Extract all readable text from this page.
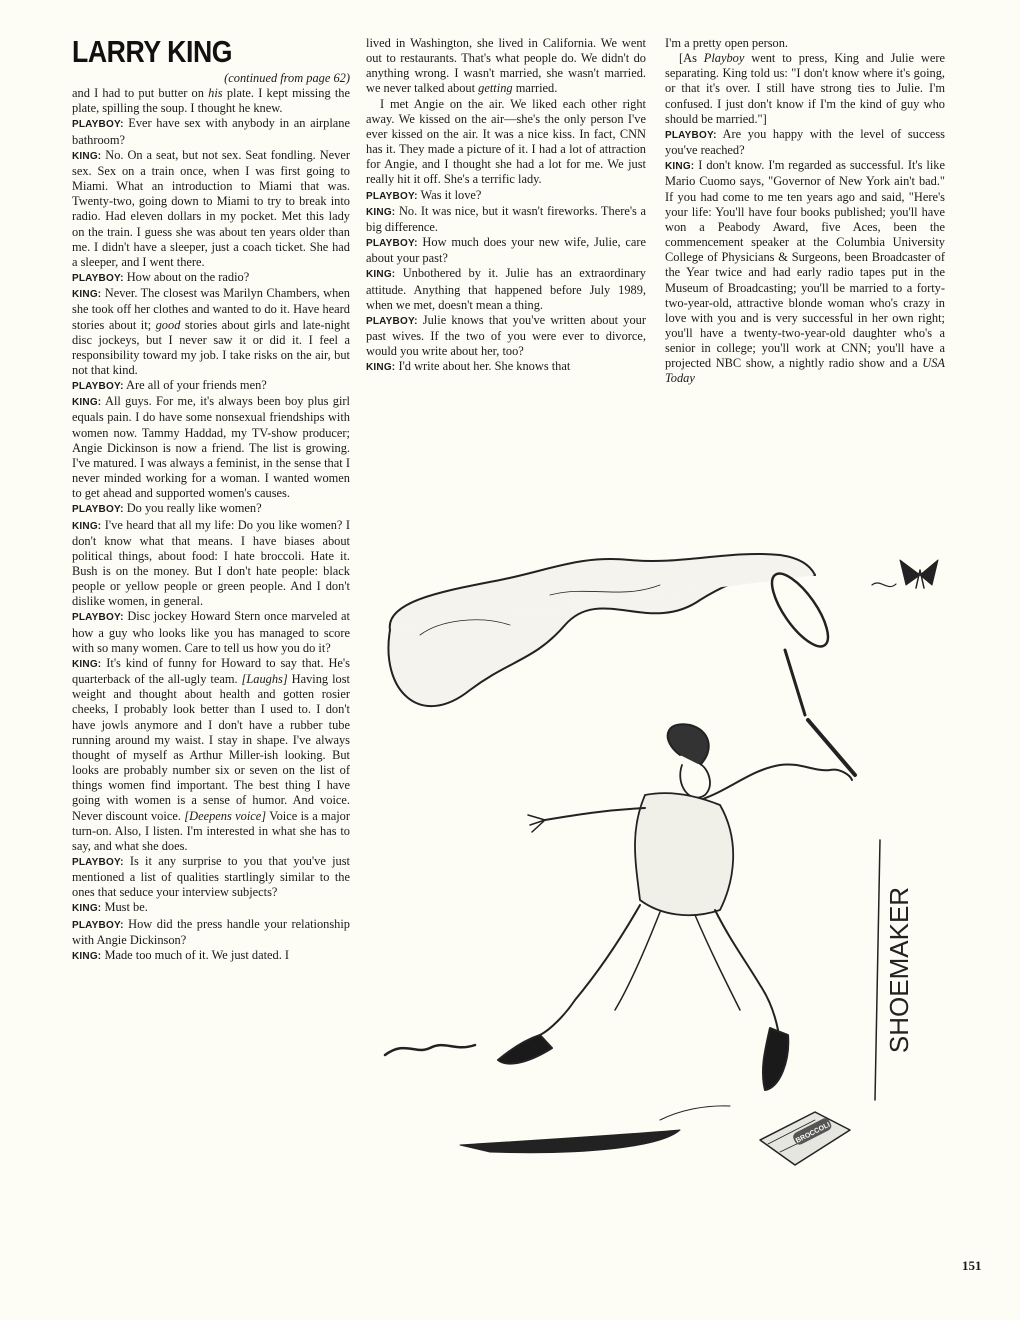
LARRY KING
(continued from page 62)

and I had to put butter on his plate. I kept missing the plate, spilling the soup. I thought he knew.

PLAYBOY: Ever have sex with anybody in an airplane bathroom?

KING: No. On a seat, but not sex. Seat fondling. Never sex. Sex on a train once, when I was first going to Miami. What an introduction to Miami that was. Twenty-two, going down to Miami to try to break into radio. Had eleven dollars in my pocket. Met this lady on the train. I guess she was about ten years older than me. I didn't have a sleeper, just a coach ticket. She had a sleeper, and I went there.

PLAYBOY: How about on the radio?

KING: Never. The closest was Marilyn Chambers, when she took off her clothes and wanted to do it. Have heard stories about it; good stories about girls and late-night disc jockeys, but I never saw it or did it. I feel a responsibility toward my job. I take risks on the air, but not that kind.

PLAYBOY: Are all of your friends men?

KING: All guys. For me, it's always been boy plus girl equals pain. I do have some nonsexual friendships with women now. Tammy Haddad, my TV-show producer; Angie Dickinson is now a friend. The list is growing. I've matured. I was always a feminist, in the sense that I never minded working for a woman. I wanted women to get ahead and supported women's causes.

PLAYBOY: Do you really like women?

KING: I've heard that all my life: Do you like women? I don't know what that means. I have biases about political things, about food: I hate broccoli. Hate it. Bush is on the money. But I don't hate people: black people or yellow people or green people. And I don't dislike women, in general.

PLAYBOY: Disc jockey Howard Stern once marveled at how a guy who looks like you has managed to score with so many women. Care to tell us how you do it?

KING: It's kind of funny for Howard to say that. He's quarterback of the all-ugly team. [Laughs] Having lost weight and thought about health and gotten rosier cheeks, I probably look better than I used to. I don't have jowls anymore and I don't have a rubber tube running around my waist. I stay in shape. I've always thought of myself as Arthur Miller-ish looking. But looks are probably number six or seven on the list of things women find important. The best thing I have going with women is a sense of humor. And voice. Never discount voice. [Deepens voice] Voice is a major turn-on. Also, I listen. I'm interested in what she has to say, and what she does.

PLAYBOY: Is it any surprise to you that you've just mentioned a list of qualities startlingly similar to the ones that seduce your interview subjects?

KING: Must be.

PLAYBOY: How did the press handle your relationship with Angie Dickinson?

KING: Made too much of it. We just dated. I

lived in Washington, she lived in California. We went out to restaurants. That's what people do. We didn't do anything wrong. I wasn't married, she wasn't married. we never talked about getting married.

I met Angie on the air. We liked each other right away. We kissed on the air—she's the only person I've ever kissed on the air. It was a nice kiss. In fact, CNN has it. They made a picture of it. I had a lot of attraction for Angie, and I thought she had a lot for me. We just really hit it off. She's a terrific lady.

PLAYBOY: Was it love?

KING: No. It was nice, but it wasn't fireworks. There's a big difference.

PLAYBOY: How much does your new wife, Julie, care about your past?

KING: Unbothered by it. Julie has an extraordinary attitude. Anything that happened before July 1989, when we met, doesn't mean a thing.

PLAYBOY: Julie knows that you've written about your past wives. If the two of you were ever to divorce, would you write about her, too?

KING: I'd write about her. She knows that

I'm a pretty open person.

[As Playboy went to press, King and Julie were separating. King told us: "I don't know where it's going, or that it's over. I still have strong ties to Julie. I'm confused. I just don't know if I'm the kind of guy who should be married."]

PLAYBOY: Are you happy with the level of success you've reached?

KING: I don't know. I'm regarded as successful. It's like Mario Cuomo says, "Governor of New York ain't bad." If you had come to me ten years ago and said, "Here's your life: You'll have four books published; you'll have won a Peabody Award, five Aces, been the commencement speaker at the Columbia University College of Physicians & Surgeons, been Broadcaster of the Year twice and had early radio tapes put in the Museum of Broadcasting; you'll be married to a forty-two-year-old, attractive blonde woman who's crazy in love with you and is very successful in her own right; you'll have a twenty-two-year-old daughter who's a senior in college; you'll work at CNN; you'll have a projected NBC show, a nightly radio show and a USA Today

SHOEMAKER
BROCCOLI
151
